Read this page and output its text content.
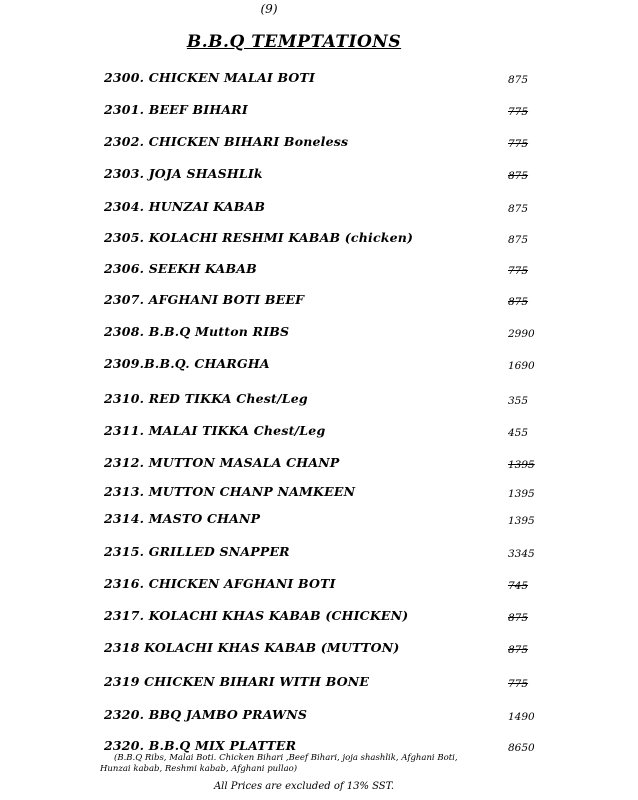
(9)
B.B.Q TEMPTATIONS
2300. CHICKEN MALAI BOTI	875
2301. BEEF BIHARI	775
2302. CHICKEN BIHARI Boneless	775
2303. JOJA SHASHLIk	875
2304. HUNZAI KABAB	875
2305. KOLACHI RESHMI KABAB (chicken)	875
2306. SEEKH KABAB	775
2307. AFGHANI BOTI BEEF	875
2308. B.B.Q Mutton RIBS	2990
2309.B.B.Q. CHARGHA	1690
2310. RED TIKKA Chest/Leg	355
2311. MALAI TIKKA Chest/Leg	455
2312. MUTTON MASALA CHANP	1395
2313. MUTTON CHANP NAMKEEN	1395
2314. MASTO CHANP	1395
2315. GRILLED SNAPPER	3345
2316. CHICKEN AFGHANI BOTI	745
2317. KOLACHI KHAS KABAB (CHICKEN)	875
2318 KOLACHI KHAS KABAB (MUTTON)	875
2319 CHICKEN BIHARI WITH BONE	775
2320. BBQ JAMBO PRAWNS	1490
2320. B.B.Q MIX PLATTER	8650
(B.B.Q Ribs, Malai Boti. Chicken Bihari ,Beef Bihari, joja shashlik, Afghani Boti,
Hunzai kabab, Reshmi kabab, Afghani pullao)
All Prices are excluded of 13% SST.
